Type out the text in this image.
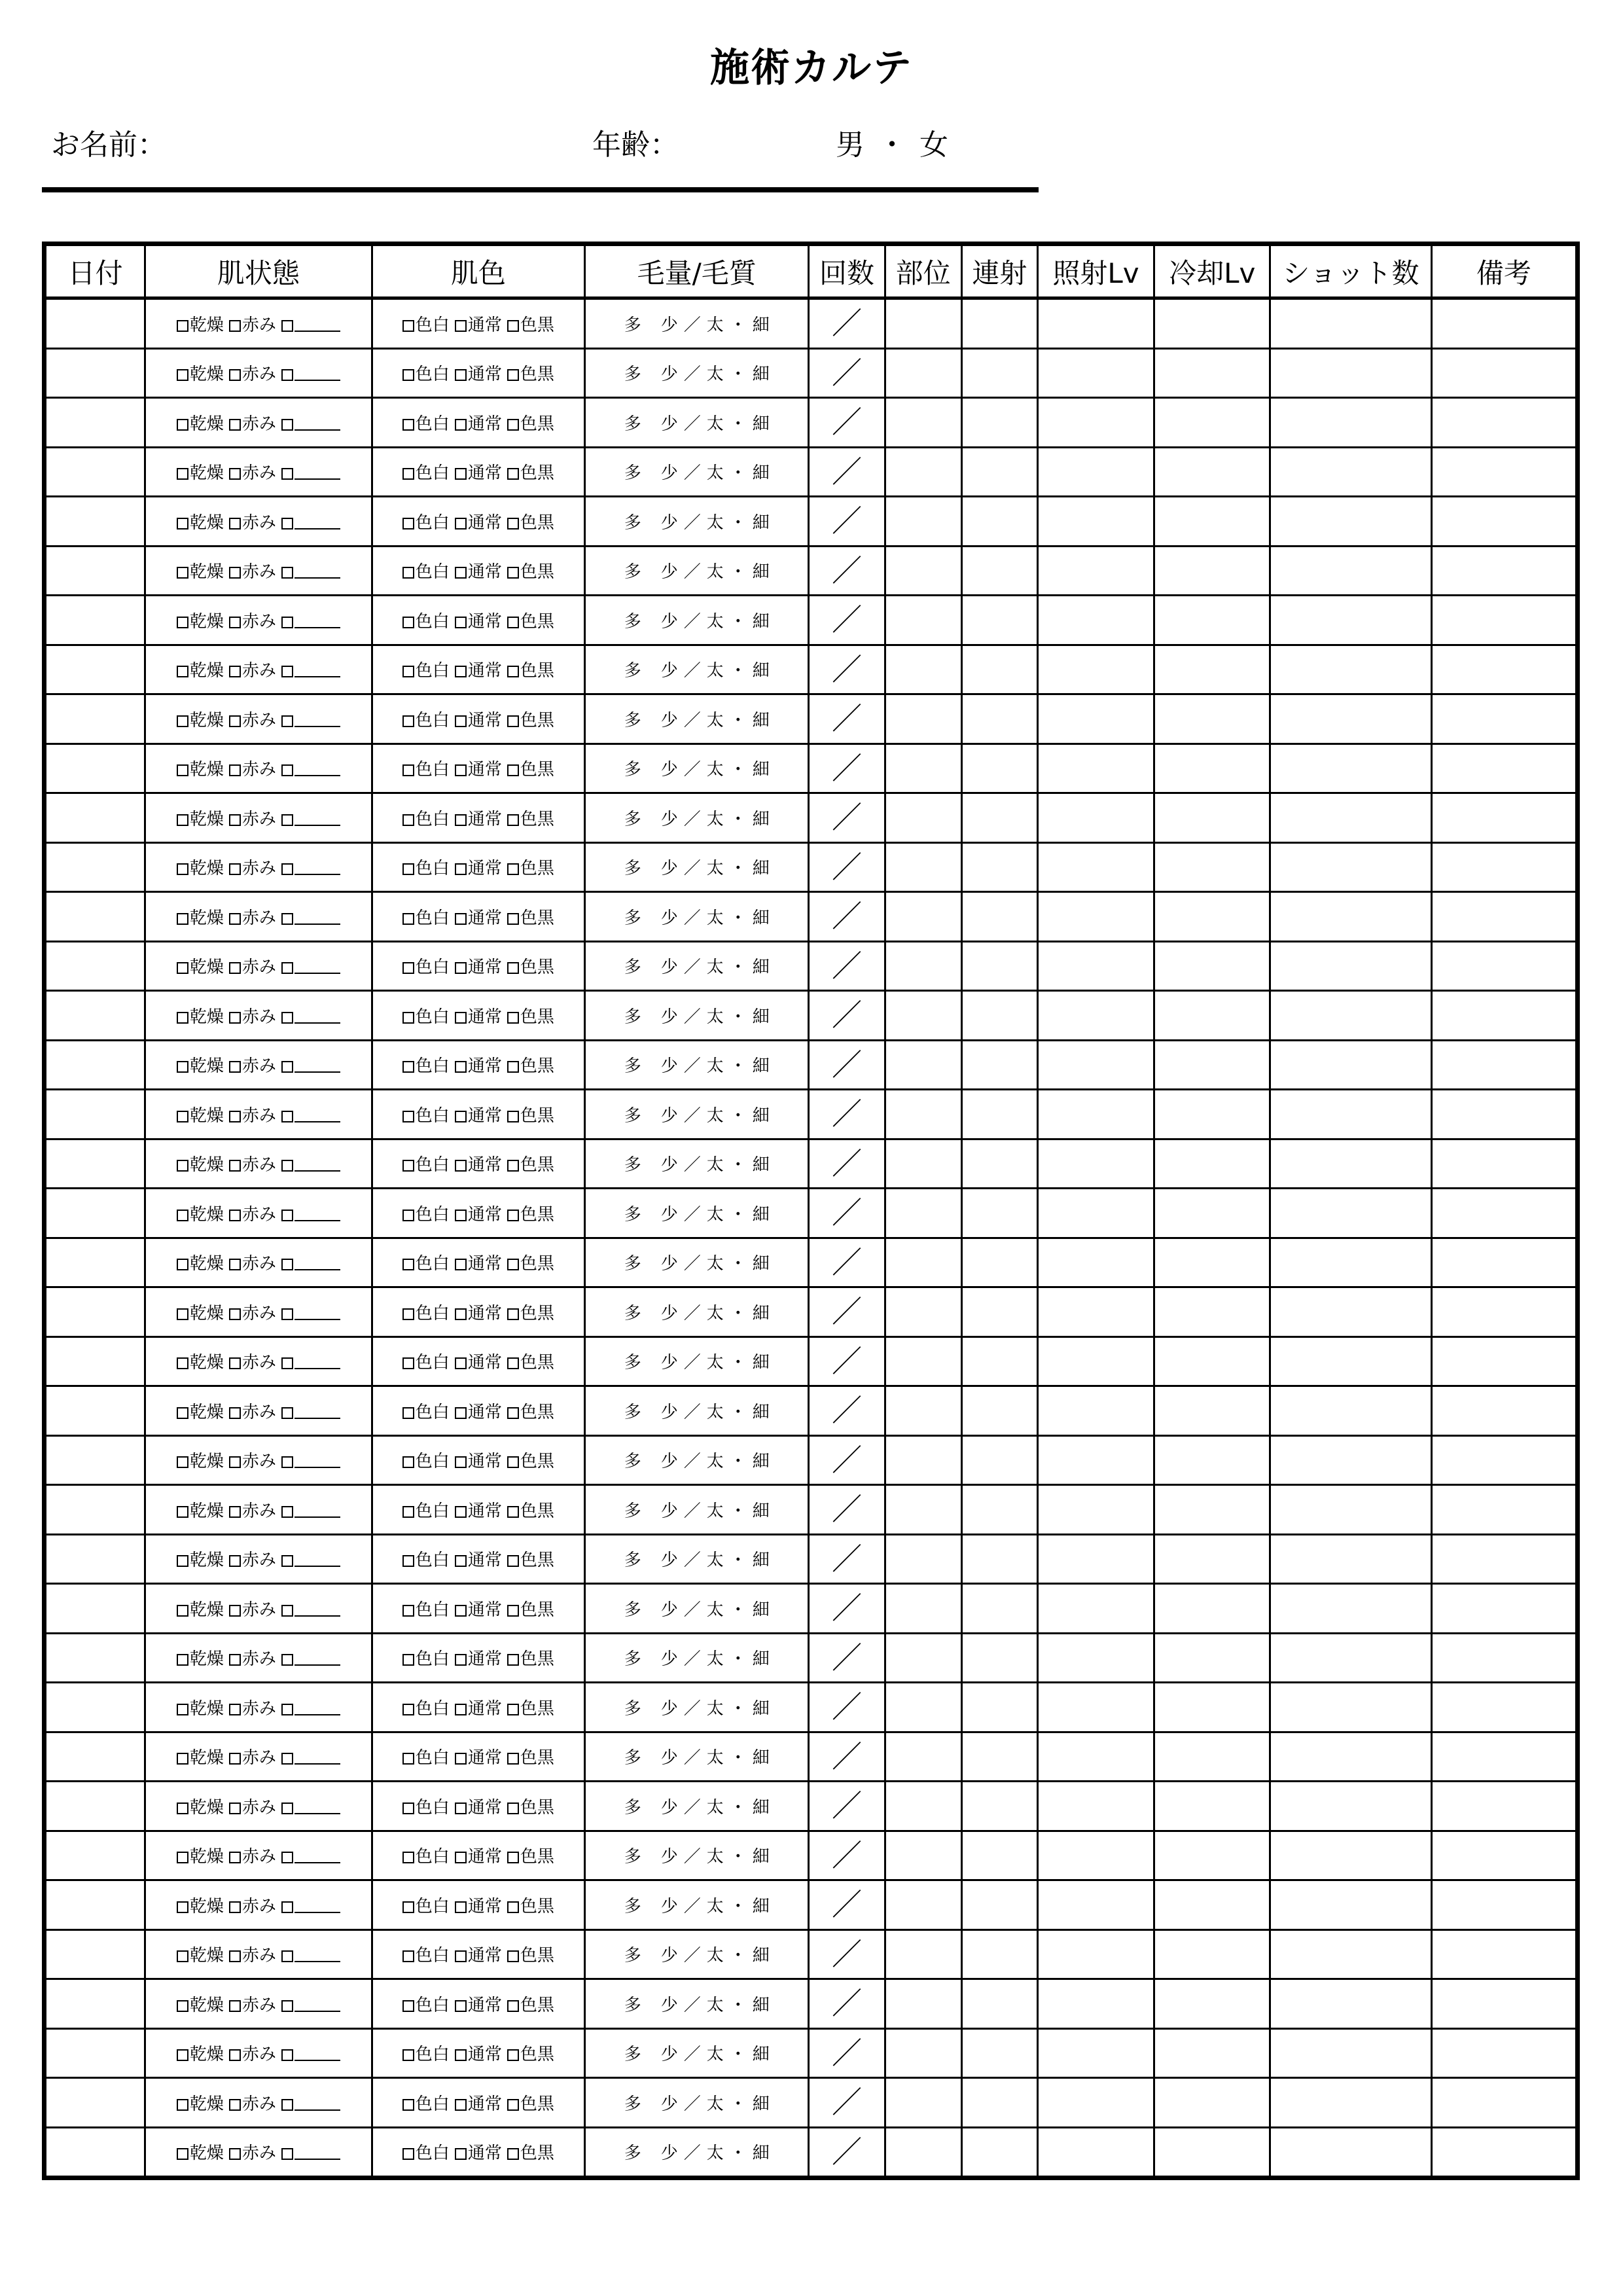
施術カルテ
お名前：	年齢：	男 ・ 女
日付	肌状態	肌色	毛量/毛質	回数	部位	連射	照射Lv	冷却Lv	ショット数	備考
	乾燥 赤み	色白 通常 色黒	多 少 ／ 太 ・ 細	／						
	乾燥 赤み	色白 通常 色黒	多 少 ／ 太 ・ 細	／						
	乾燥 赤み	色白 通常 色黒	多 少 ／ 太 ・ 細	／						
	乾燥 赤み	色白 通常 色黒	多 少 ／ 太 ・ 細	／						
	乾燥 赤み	色白 通常 色黒	多 少 ／ 太 ・ 細	／						
	乾燥 赤み	色白 通常 色黒	多 少 ／ 太 ・ 細	／						
	乾燥 赤み	色白 通常 色黒	多 少 ／ 太 ・ 細	／						
	乾燥 赤み	色白 通常 色黒	多 少 ／ 太 ・ 細	／						
	乾燥 赤み	色白 通常 色黒	多 少 ／ 太 ・ 細	／						
	乾燥 赤み	色白 通常 色黒	多 少 ／ 太 ・ 細	／						
	乾燥 赤み	色白 通常 色黒	多 少 ／ 太 ・ 細	／						
	乾燥 赤み	色白 通常 色黒	多 少 ／ 太 ・ 細	／						
	乾燥 赤み	色白 通常 色黒	多 少 ／ 太 ・ 細	／						
	乾燥 赤み	色白 通常 色黒	多 少 ／ 太 ・ 細	／						
	乾燥 赤み	色白 通常 色黒	多 少 ／ 太 ・ 細	／						
	乾燥 赤み	色白 通常 色黒	多 少 ／ 太 ・ 細	／						
	乾燥 赤み	色白 通常 色黒	多 少 ／ 太 ・ 細	／						
	乾燥 赤み	色白 通常 色黒	多 少 ／ 太 ・ 細	／						
	乾燥 赤み	色白 通常 色黒	多 少 ／ 太 ・ 細	／						
	乾燥 赤み	色白 通常 色黒	多 少 ／ 太 ・ 細	／						
	乾燥 赤み	色白 通常 色黒	多 少 ／ 太 ・ 細	／						
	乾燥 赤み	色白 通常 色黒	多 少 ／ 太 ・ 細	／						
	乾燥 赤み	色白 通常 色黒	多 少 ／ 太 ・ 細	／						
	乾燥 赤み	色白 通常 色黒	多 少 ／ 太 ・ 細	／						
	乾燥 赤み	色白 通常 色黒	多 少 ／ 太 ・ 細	／						
	乾燥 赤み	色白 通常 色黒	多 少 ／ 太 ・ 細	／						
	乾燥 赤み	色白 通常 色黒	多 少 ／ 太 ・ 細	／						
	乾燥 赤み	色白 通常 色黒	多 少 ／ 太 ・ 細	／						
	乾燥 赤み	色白 通常 色黒	多 少 ／ 太 ・ 細	／						
	乾燥 赤み	色白 通常 色黒	多 少 ／ 太 ・ 細	／						
	乾燥 赤み	色白 通常 色黒	多 少 ／ 太 ・ 細	／						
	乾燥 赤み	色白 通常 色黒	多 少 ／ 太 ・ 細	／						
	乾燥 赤み	色白 通常 色黒	多 少 ／ 太 ・ 細	／						
	乾燥 赤み	色白 通常 色黒	多 少 ／ 太 ・ 細	／						
	乾燥 赤み	色白 通常 色黒	多 少 ／ 太 ・ 細	／						
	乾燥 赤み	色白 通常 色黒	多 少 ／ 太 ・ 細	／						
	乾燥 赤み	色白 通常 色黒	多 少 ／ 太 ・ 細	／						
	乾燥 赤み	色白 通常 色黒	多 少 ／ 太 ・ 細	／						
